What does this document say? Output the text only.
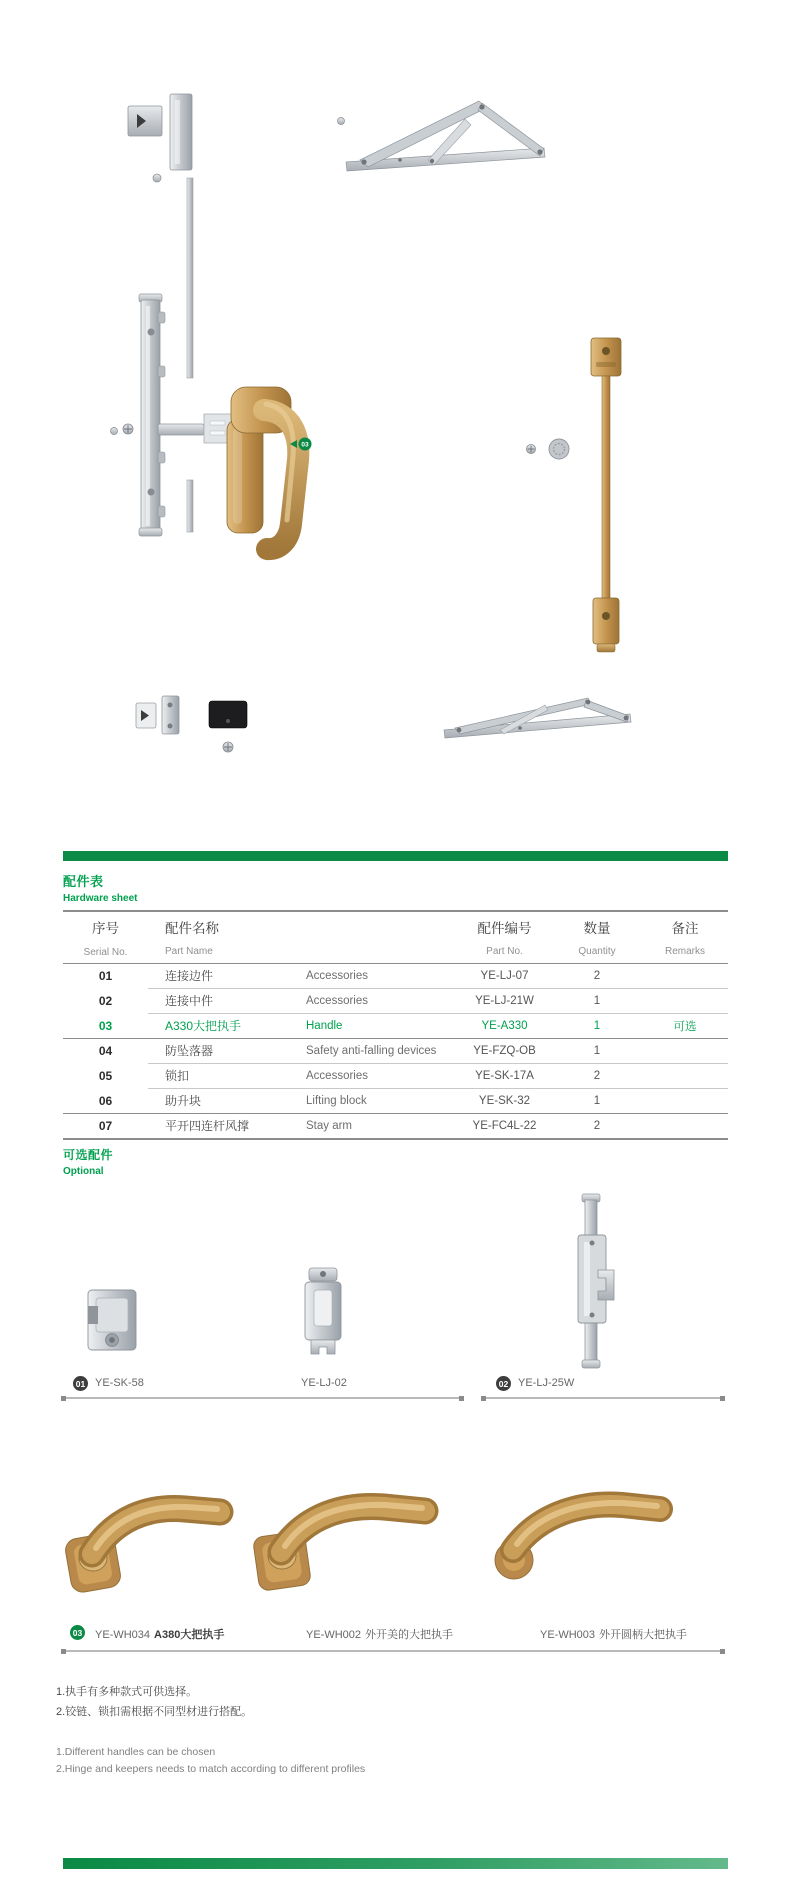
03
配件表
Hardware sheet
序号	配件名称	配件编号	数量	备注
Serial No.	Part Name	Part No.	Quantity	Remarks
01	连接边件	Accessories	YE-LJ-07	2
02	连接中件	Accessories	YE-LJ-21W	1
03	A330大把执手	Handle	YE-A330	1	可选
04	防坠落器	Safety anti-falling devices	YE-FZQ-OB	1
05	锁扣	Accessories	YE-SK-17A	2
06	助升块	Lifting block	YE-SK-32	1
07	平开四连杆风撑	Stay arm	YE-FC4L-22	2
可选配件
Optional
01 YE-SK-58	YE-LJ-02	02 YE-LJ-25W
03 YE-WH034 A380大把执手	YE-WH002 外开美的大把执手	YE-WH003 外开圆柄大把执手
1.执手有多种款式可供选择。
2.铰链、锁扣需根据不同型材进行搭配。
1.Different handles can be chosen
2.Hinge and keepers needs to match according to different profiles
